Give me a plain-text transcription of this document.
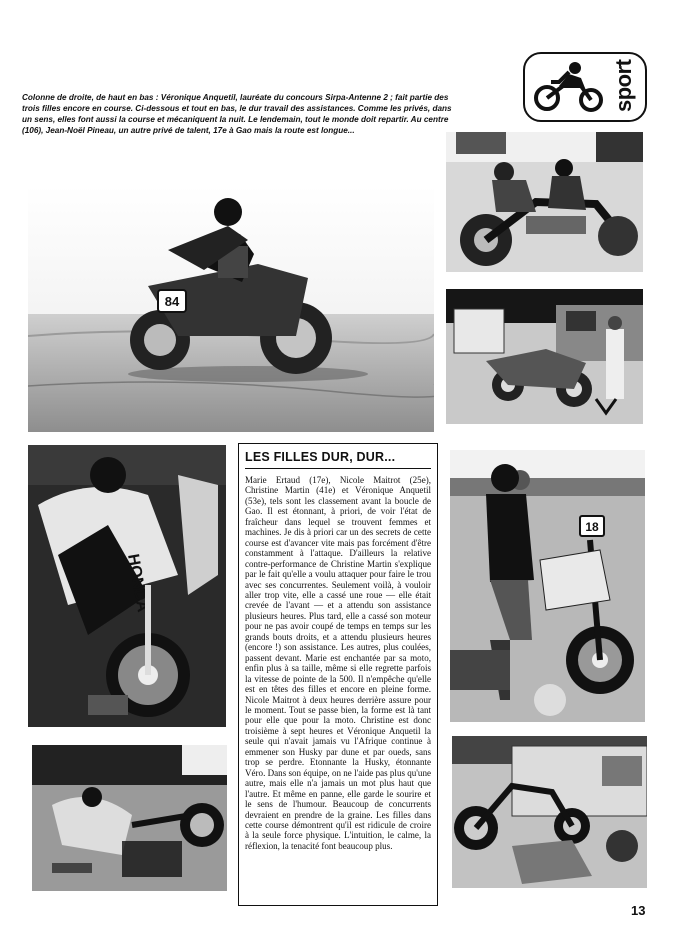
Colonne de droite, de haut en bas : Véronique Anquetil, lauréate du concours Sirpa-Antenne 2 ; fait partie des trois filles encore en course. Ci-dessous et tout en bas, le dur travail des assistances. Comme les privés, dans un sens, elles font aussi la course et mécaniquent la nuit. Le lendemain, tout le monde doit repartir. Au centre (106), Jean-Noël Pineau, un autre privé de talent, 17e à Gao mais la route est longue...

sport
84
HONDA
18
LES FILLES DUR, DUR...

Marie Ertaud (17e), Nicole Maitrot (25e), Christine Martin (41e) et Véronique Anquetil (53e), tels sont les classement avant la boucle de Gao. Il est étonnant, à priori, de voir l'état de fraîcheur dans lequel se trouvent femmes et machines. Je dis à priori car un des secrets de cette course est d'avancer vite mais pas forcément d'être constamment à l'attaque. D'ailleurs la relative contre-performance de Christine Martin s'explique par le fait qu'elle a voulu attaquer pour faire le trou avec ses concurrentes. Seulement voilà, à vouloir aller trop vite, elle a cassé une roue — elle était crevée de l'avant — et a attendu son assistance plusieurs heures. Plus tard, elle a cassé son moteur pour ne pas avoir coupé de temps en temps sur les grands bouts droits, et a attendu plusieurs heures (encore !) son assistance. Les autres, plus coulées, passent devant. Marie est enchantée par sa moto, enfin plus à sa taille, même si elle regrette parfois la vitesse de pointe de la 500. Il n'empêche qu'elle est en têtes des filles et encore en pleine forme. Nicole Maitrot à deux heures derrière assure pour le moment. Tout se passe bien, la forme est là tant pour elle que pour la moto. Christine est donc troisième à sept heures et Véronique Anquetil la seule qui n'avait jamais vu l'Afrique continue à emmener son Husky par dune et par oueds, sans trop se perdre. Etonnante la Husky, étonnante Véro. Dans son équipe, on ne l'aide pas plus qu'une autre, mais elle n'a jamais un mot plus haut que l'autre. Et même en panne, elle garde le sourire et le sens de l'humour. Beaucoup de concurrents devraient en prendre de la graine. Les filles dans cette course démontrent qu'il est ridicule de croire à la seule force physique. L'intuition, le calme, la réflexion, la tenacité font beaucoup plus.

13
